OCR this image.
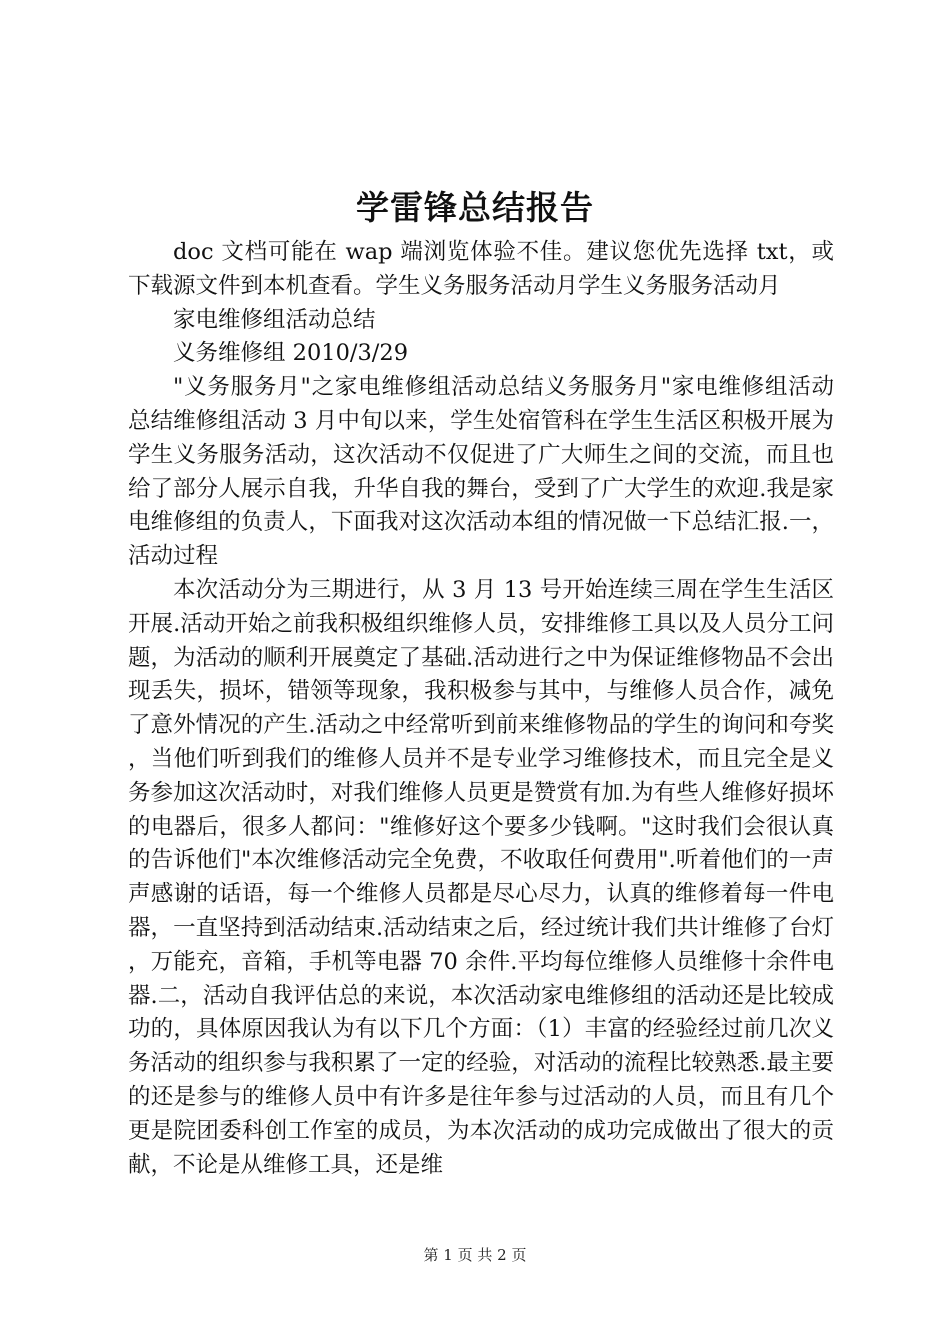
学雷锋总结报告

doc 文档可能在 wap 端浏览体验不佳。建议您优先选择 txt，或下载源文件到本机查看。学生义务服务活动月学生义务服务活动月

家电维修组活动总结

义务维修组 2010/3/29

"义务服务月"之家电维修组活动总结义务服务月"家电维修组活动总结维修组活动 3 月中旬以来，学生处宿管科在学生生活区积极开展为学生义务服务活动，这次活动不仅促进了广大师生之间的交流，而且也给了部分人展示自我，升华自我的舞台，受到了广大学生的欢迎.我是家电维修组的负责人，下面我对这次活动本组的情况做一下总结汇报.一，活动过程

本次活动分为三期进行，从 3 月 13 号开始连续三周在学生生活区开展.活动开始之前我积极组织维修人员，安排维修工具以及人员分工问题，为活动的顺利开展奠定了基础.活动进行之中为保证维修物品不会出现丢失，损坏，错领等现象，我积极参与其中，与维修人员合作，减免了意外情况的产生.活动之中经常听到前来维修物品的学生的询问和夸奖，当他们听到我们的维修人员并不是专业学习维修技术，而且完全是义务参加这次活动时，对我们维修人员更是赞赏有加.为有些人维修好损坏的电器后，很多人都问："维修好这个要多少钱啊。"这时我们会很认真的告诉他们"本次维修活动完全免费，不收取任何费用".听着他们的一声声感谢的话语，每一个维修人员都是尽心尽力，认真的维修着每一件电器，一直坚持到活动结束.活动结束之后，经过统计我们共计维修了台灯，万能充，音箱，手机等电器 70 余件.平均每位维修人员维修十余件电器.二，活动自我评估总的来说，本次活动家电维修组的活动还是比较成功的，具体原因我认为有以下几个方面：（1）丰富的经验经过前几次义务活动的组织参与我积累了一定的经验，对活动的流程比较熟悉.最主要的还是参与的维修人员中有许多是往年参与过活动的人员，而且有几个更是院团委科创工作室的成员，为本次活动的成功完成做出了很大的贡献，不论是从维修工具，还是维

第 1 页 共 2 页
